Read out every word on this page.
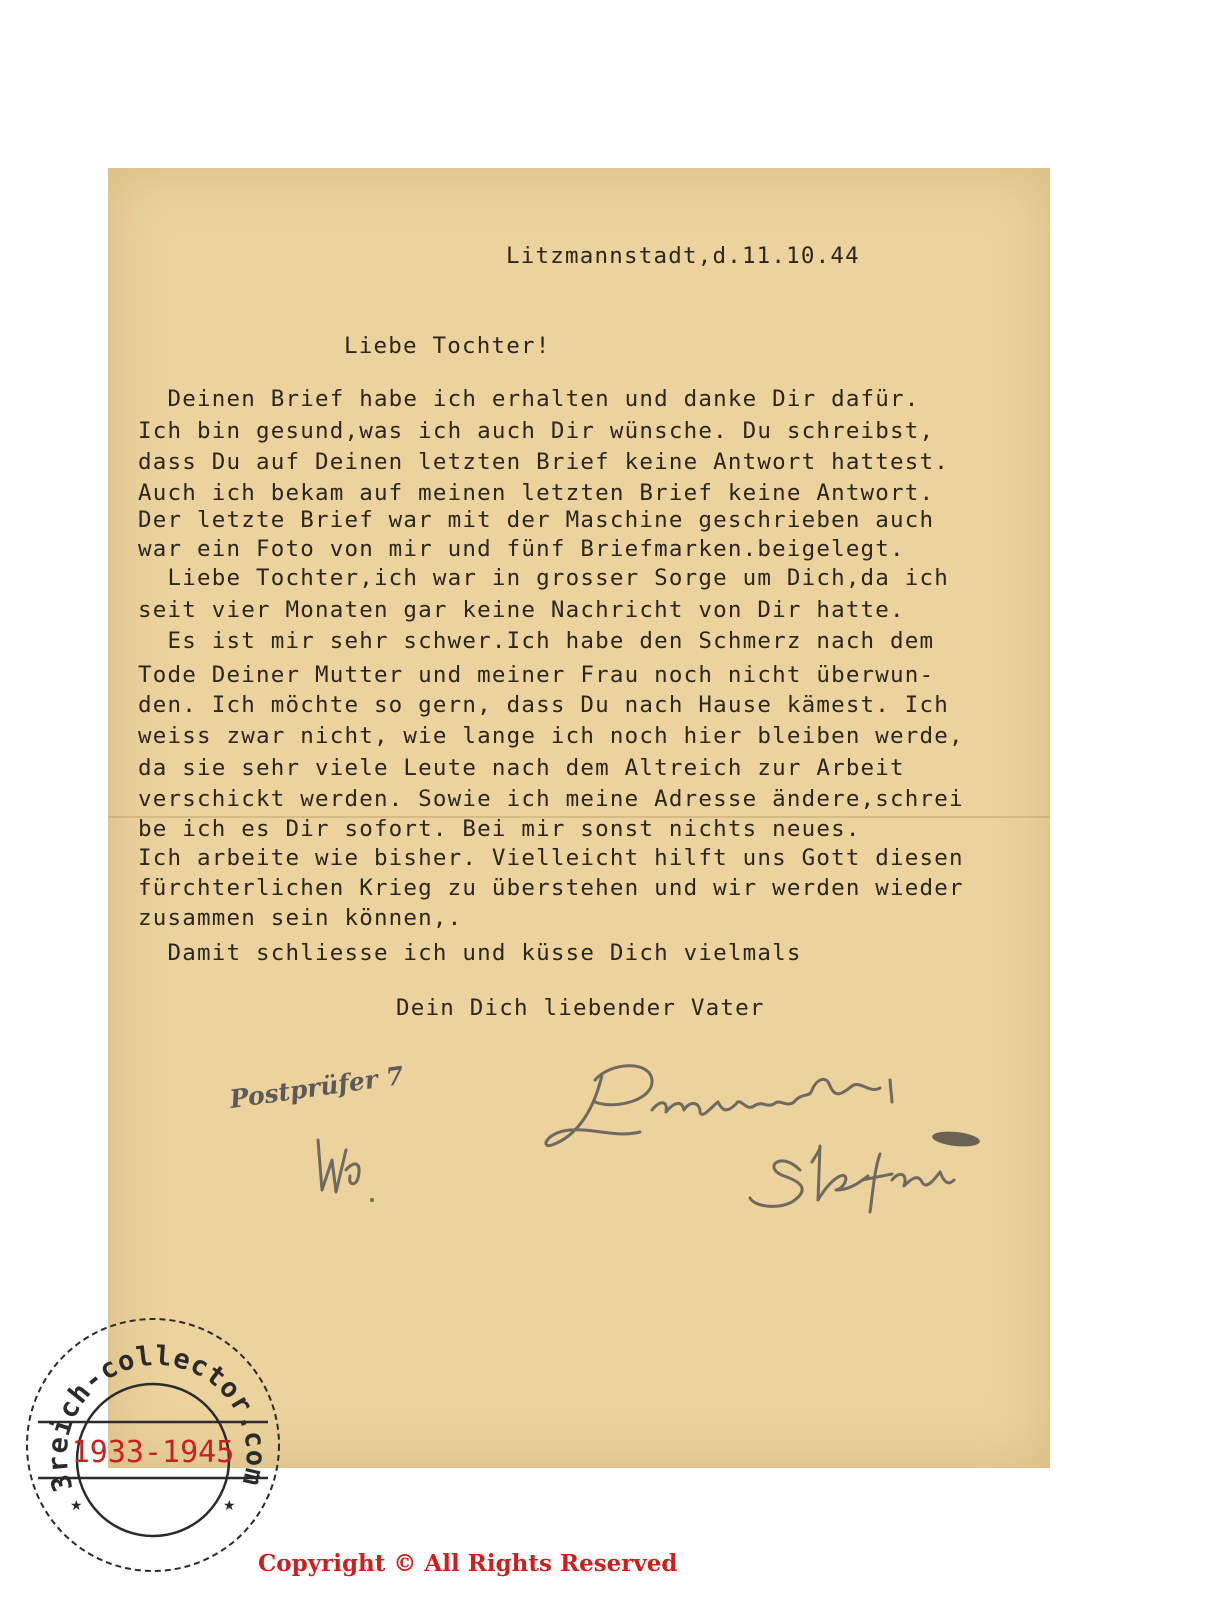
Litzmannstadt,d.11.10.44

Liebe Tochter!

Deinen Brief habe ich erhalten und danke Dir dafür.

Ich bin gesund,was ich auch Dir wünsche. Du schreibst,

dass Du auf Deinen letzten Brief keine Antwort hattest.

Auch ich bekam auf meinen letzten Brief keine Antwort.

Der letzte Brief war mit der Maschine geschrieben auch

war ein Foto von mir und fünf Briefmarken.beigelegt.

Liebe Tochter,ich war in grosser Sorge um Dich,da ich

seit vier Monaten gar keine Nachricht von Dir hatte.

Es ist mir sehr schwer.Ich habe den Schmerz nach dem

Tode Deiner Mutter und meiner Frau noch nicht überwun-

den. Ich möchte so gern, dass Du nach Hause kämest. Ich

weiss zwar nicht, wie lange ich noch hier bleiben werde,

da sie sehr viele Leute nach dem Altreich zur Arbeit

verschickt werden. Sowie ich meine Adresse ändere,schrei

be ich es Dir sofort. Bei mir sonst nichts neues.

Ich arbeite wie bisher. Vielleicht hilft uns Gott diesen

fürchterlichen Krieg zu überstehen und wir werden wieder

zusammen sein können,.

Damit schliesse ich und küsse Dich vielmals

Dein Dich liebender Vater

Postprüfer 7
3reich-collector.com
1933-1945
★	★
Copyright © All Rights Reserved
